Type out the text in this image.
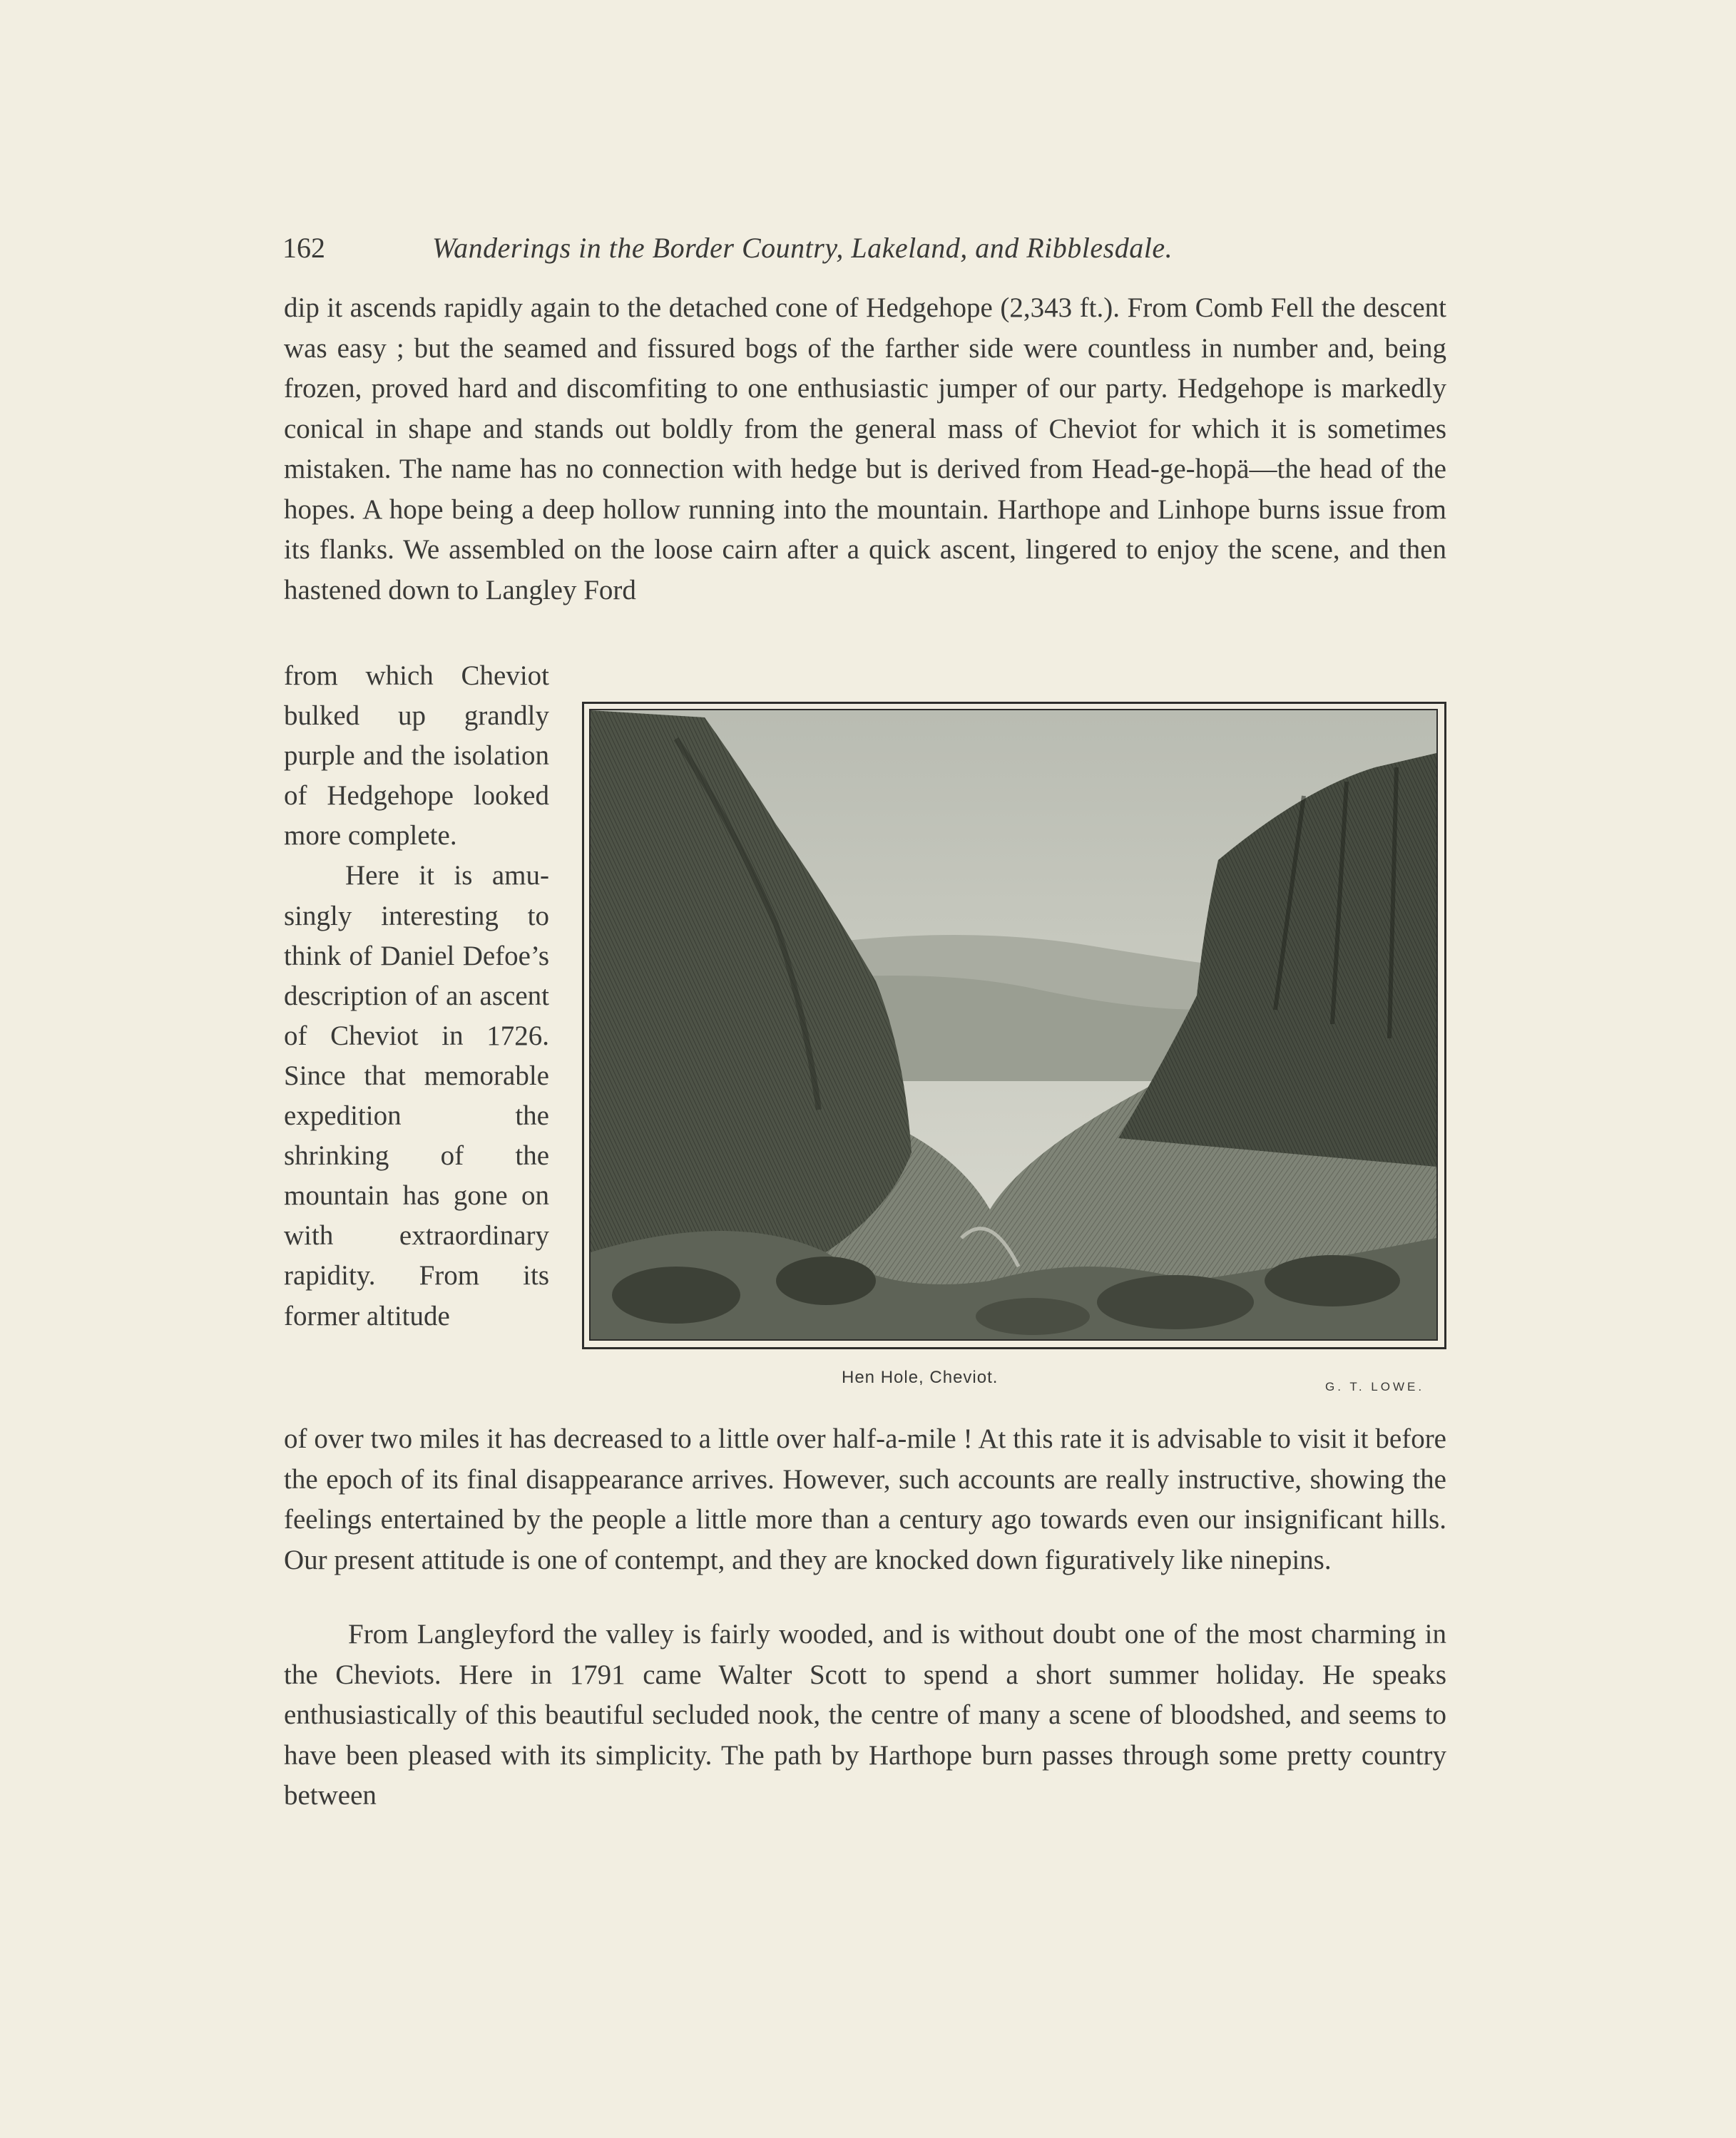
162	Wanderings in the Border Country, Lakeland, and Ribblesdale.

dip it ascends rapidly again to the detached cone of Hedgehope (2,343 ft.). From Comb Fell the descent was easy ; but the seamed and fissured bogs of the farther side were countless in number and, being frozen, proved hard and discomfiting to one enthusiastic jumper of our party. Hedgehope is markedly conical in shape and stands out boldly from the general mass of Cheviot for which it is sometimes mistaken. The name has no connection with hedge but is derived from Head-ge-hopä—the head of the hopes. A hope being a deep hollow running into the mountain. Harthope and Linhope burns issue from its flanks. We assembled on the loose cairn after a quick ascent, lingered to enjoy the scene, and then hastened down to Langley Ford

from which Cheviot bulked up grandly purple and the isolation of Hedgehope looked more complete.

Here it is amusingly interesting to think of Daniel Defoe’s description of an ascent of Cheviot in 1726. Since that memorable expedition the shrinking of the mountain has gone on with extraordinary rapidity. From its former altitude

Hen Hole, Cheviot.	G. T. LOWE.

of over two miles it has decreased to a little over half-a-mile ! At this rate it is advisable to visit it before the epoch of its final disappearance arrives. However, such accounts are really instructive, showing the feelings entertained by the people a little more than a century ago towards even our insignificant hills. Our present attitude is one of contempt, and they are knocked down figuratively like ninepins.

From Langleyford the valley is fairly wooded, and is without doubt one of the most charming in the Cheviots. Here in 1791 came Walter Scott to spend a short summer holiday. He speaks enthusiastically of this beautiful secluded nook, the centre of many a scene of bloodshed, and seems to have been pleased with its simplicity. The path by Harthope burn passes through some pretty country between
